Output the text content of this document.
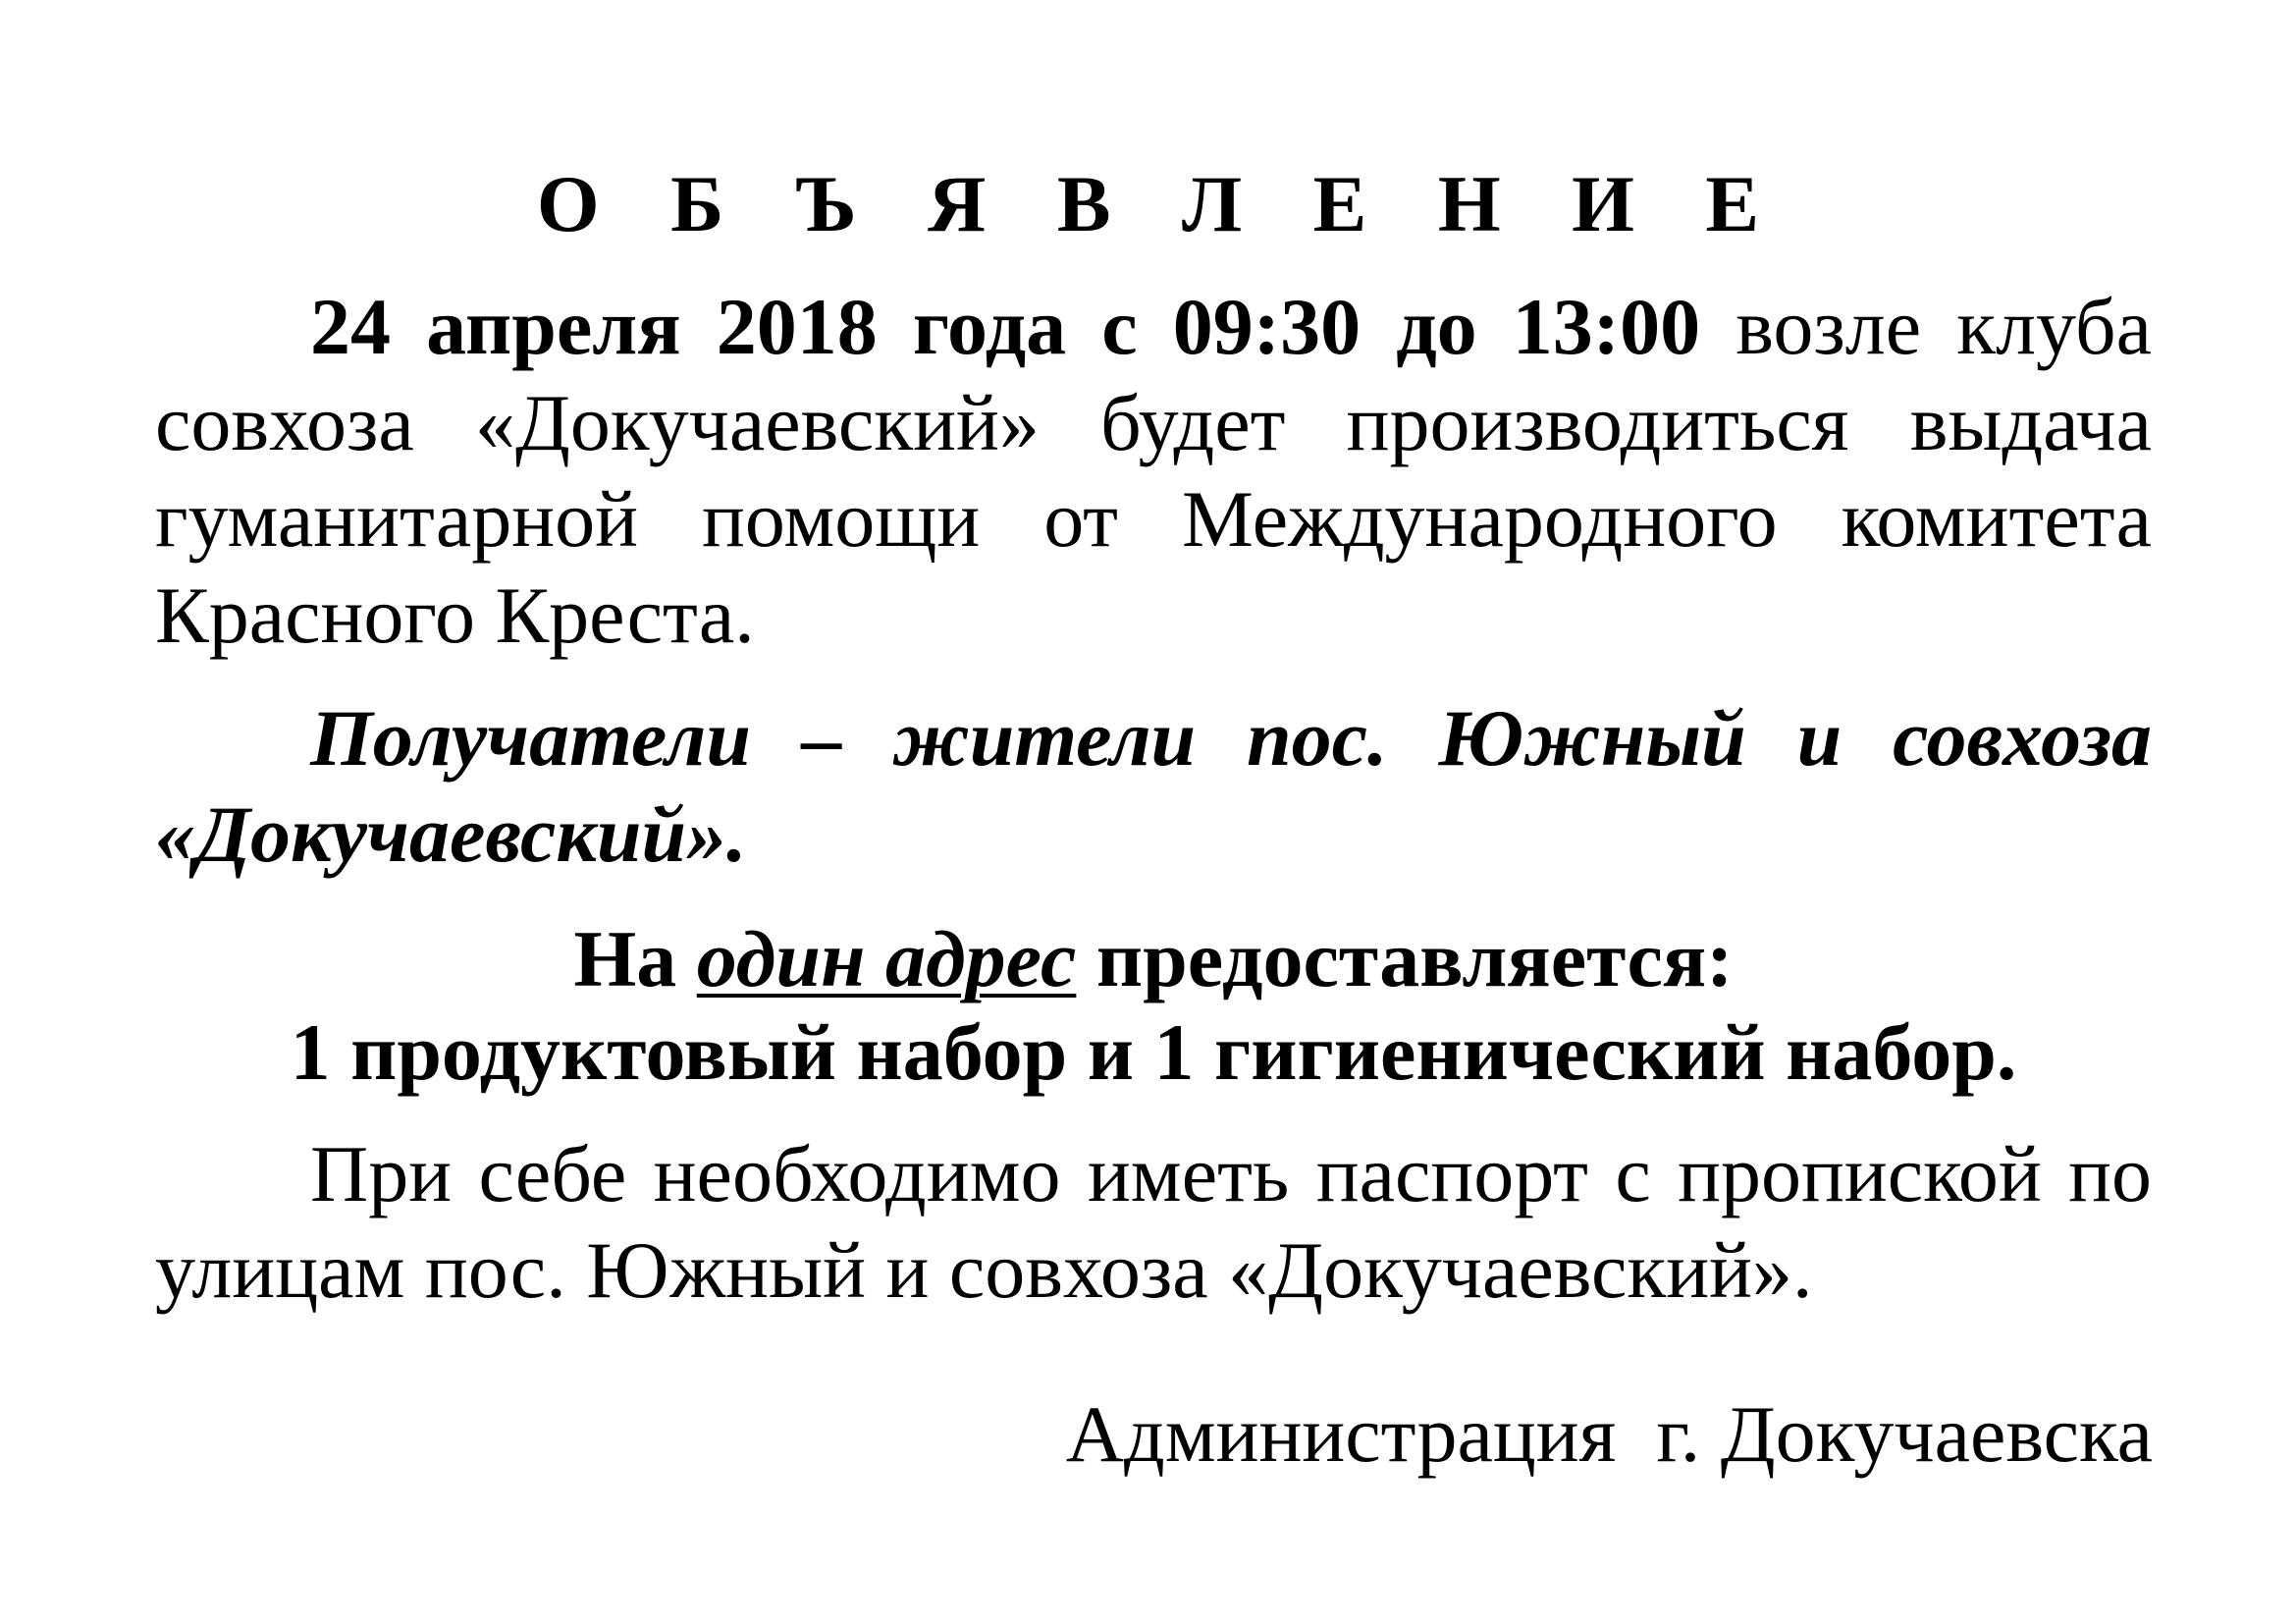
О Б Ъ Я В Л Е Н И Е
24 апреля 2018 года с 09:30 до 13:00 возле клуба совхоза «Докучаевский» будет производиться выдача гуманитарной помощи от Международного комитета Красного Креста.
Получатели – жители пос. Южный и совхоза «Докучаевский».
На один адрес предоставляется:
1 продуктовый набор и 1 гигиенический набор.
При себе необходимо иметь паспорт с пропиской по улицам пос. Южный и совхоза «Докучаевский».
Администрация  г. Докучаевска
